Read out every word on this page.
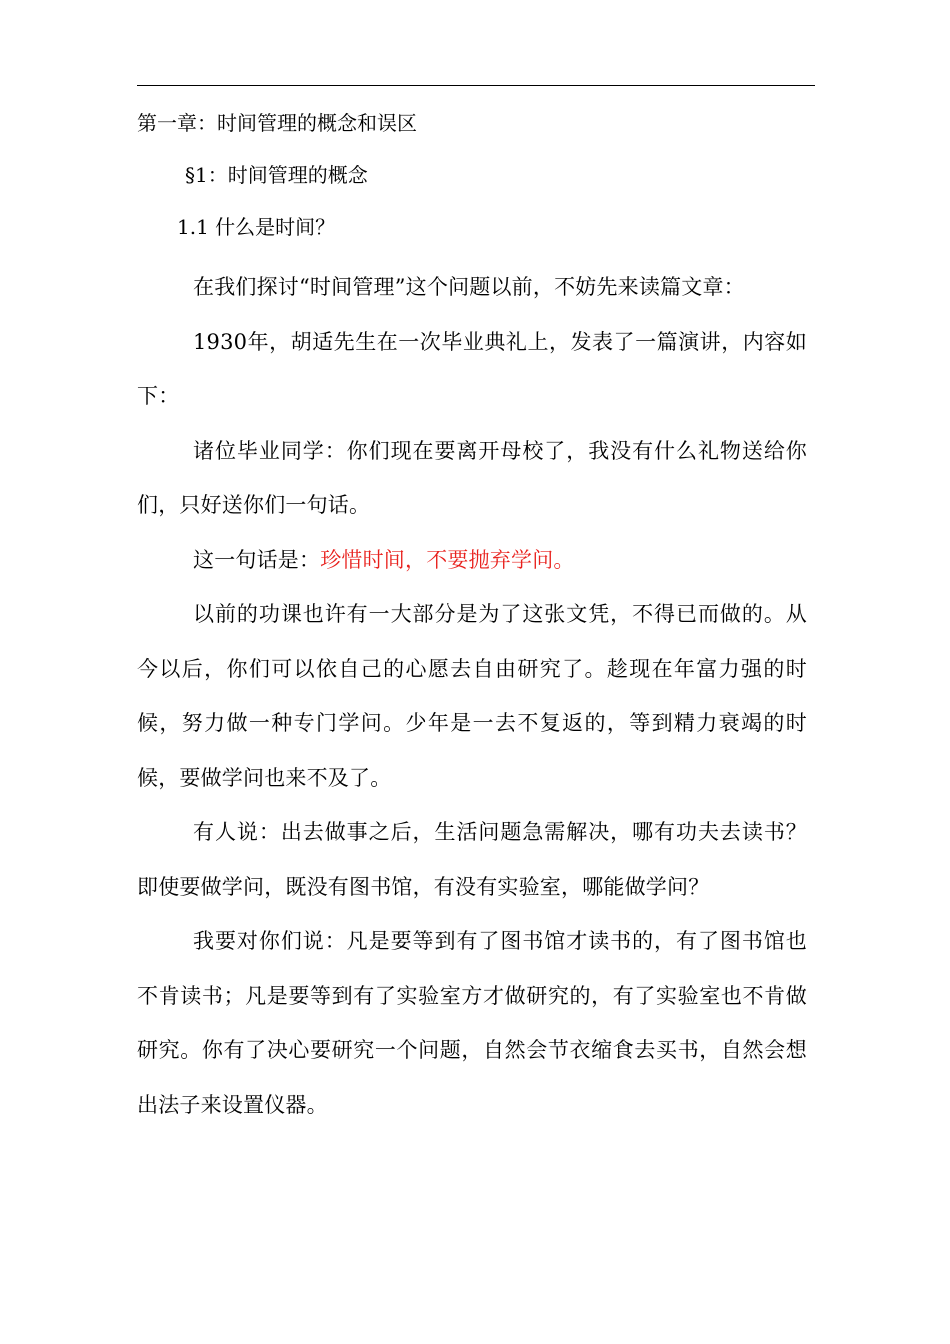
第一章：时间管理的概念和误区
§1：时间管理的概念
1.1 什么是时间？

在我们探讨“时间管理”这个问题以前，不妨先来读篇文章：

1930年，胡适先生在一次毕业典礼上，发表了一篇演讲，内容如下：

诸位毕业同学：你们现在要离开母校了，我没有什么礼物送给你们，只好送你们一句话。

这一句话是：珍惜时间，不要抛弃学问。

以前的功课也许有一大部分是为了这张文凭，不得已而做的。从今以后，你们可以依自己的心愿去自由研究了。趁现在年富力强的时候，努力做一种专门学问。少年是一去不复返的，等到精力衰竭的时候，要做学问也来不及了。

有人说：出去做事之后，生活问题急需解决，哪有功夫去读书？即使要做学问，既没有图书馆，有没有实验室，哪能做学问？

我要对你们说：凡是要等到有了图书馆才读书的，有了图书馆也不肯读书；凡是要等到有了实验室方才做研究的，有了实验室也不肯做研究。你有了决心要研究一个问题，自然会节衣缩食去买书，自然会想出法子来设置仪器。
